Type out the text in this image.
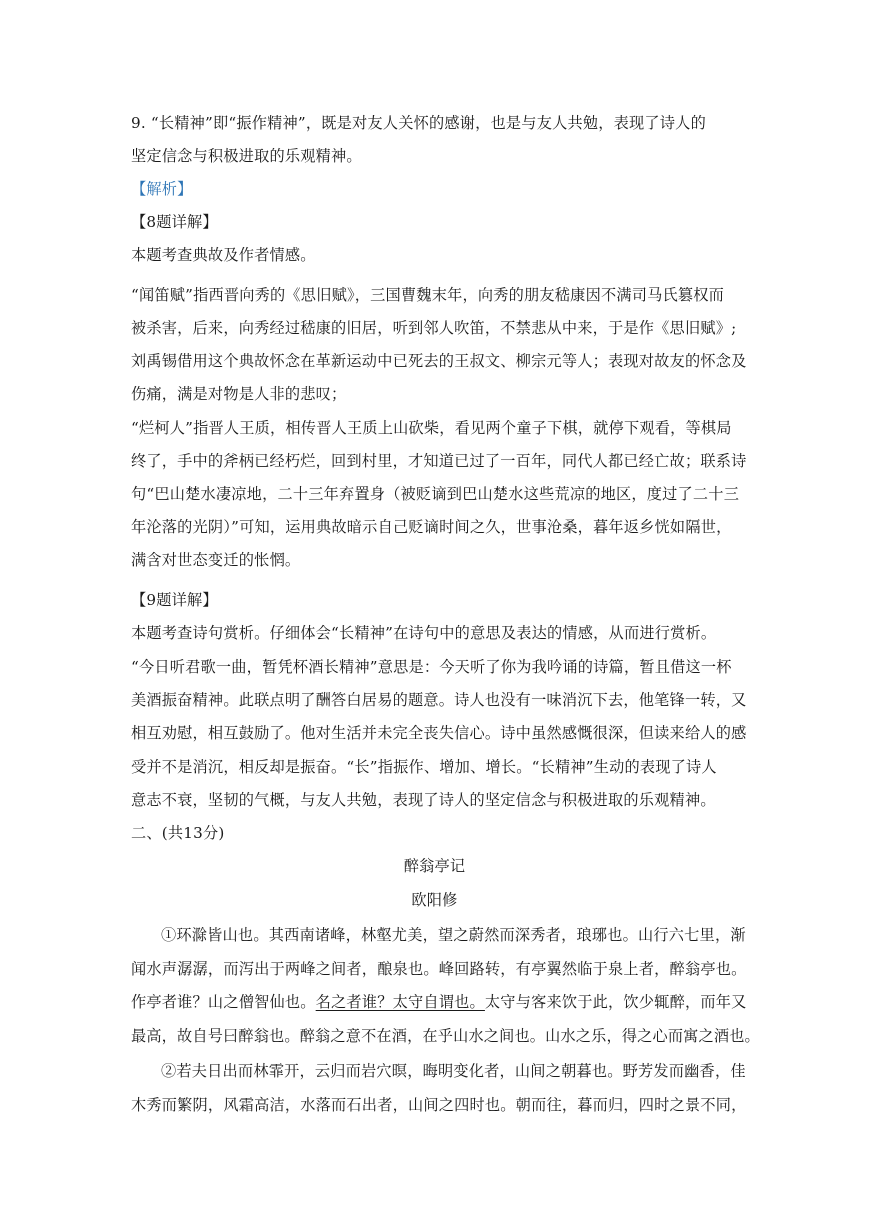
9. “长精神”即“振作精神”，既是对友人关怀的感谢，也是与友人共勉，表现了诗人的
坚定信念与积极进取的乐观精神。
【解析】
【8题详解】
本题考查典故及作者情感。
“闻笛赋”指西晋向秀的《思旧赋》，三国曹魏末年，向秀的朋友嵇康因不满司马氏篡权而
被杀害，后来，向秀经过嵇康的旧居，听到邻人吹笛，不禁悲从中来，于是作《思旧赋》;
刘禹锡借用这个典故怀念在革新运动中已死去的王叔文、柳宗元等人；表现对故友的怀念及
伤痛，满是对物是人非的悲叹；
“烂柯人”指晋人王质，相传晋人王质上山砍柴，看见两个童子下棋，就停下观看，等棋局
终了，手中的斧柄已经朽烂，回到村里，才知道已过了一百年，同代人都已经亡故；联系诗
句“巴山楚水凄凉地，二十三年弃置身（被贬谪到巴山楚水这些荒凉的地区，度过了二十三
年沦落的光阴）”可知，运用典故暗示自己贬谪时间之久，世事沧桑，暮年返乡恍如隔世，
满含对世态变迁的怅惘。
【9题详解】
本题考查诗句赏析。仔细体会“长精神”在诗句中的意思及表达的情感，从而进行赏析。
“今日听君歌一曲，暂凭杯酒长精神”意思是：今天听了你为我吟诵的诗篇，暂且借这一杯
美酒振奋精神。此联点明了酬答白居易的题意。诗人也没有一味消沉下去，他笔锋一转，又
相互劝慰，相互鼓励了。他对生活并未完全丧失信心。诗中虽然感慨很深，但读来给人的感
受并不是消沉，相反却是振奋。“长”指振作、增加、增长。“长精神”生动的表现了诗人
意志不衰，坚韧的气概，与友人共勉，表现了诗人的坚定信念与积极进取的乐观精神。
二、(共13分)
醉翁亭记
欧阳修
①环滁皆山也。其西南诸峰，林壑尤美，望之蔚然而深秀者，琅琊也。山行六七里，渐
闻水声潺潺，而泻出于两峰之间者，酿泉也。峰回路转，有亭翼然临于泉上者，醉翁亭也。
作亭者谁？山之僧智仙也。名之者谁？太守自谓也。太守与客来饮于此，饮少辄醉，而年又
最高，故自号曰醉翁也。醉翁之意不在酒，在乎山水之间也。山水之乐，得之心而寓之酒也。
②若夫日出而林霏开，云归而岩穴暝，晦明变化者，山间之朝暮也。野芳发而幽香，佳
木秀而繁阴，风霜高洁，水落而石出者，山间之四时也。朝而往，暮而归，四时之景不同，
